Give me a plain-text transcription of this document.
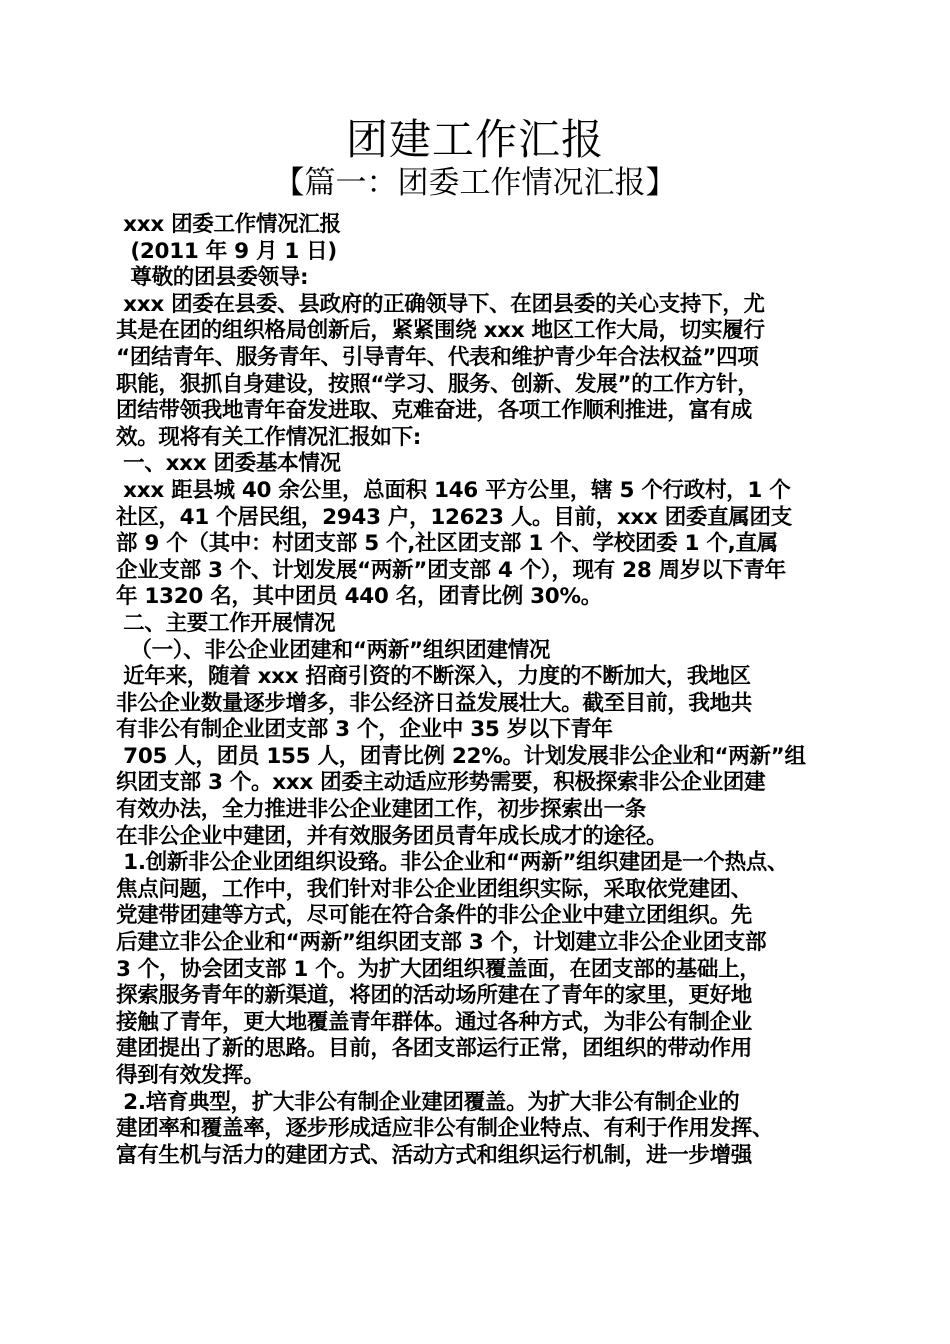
团建工作汇报
【篇一：团委工作情况汇报】
xxx 团委工作情况汇报
(2011 年 9 月 1 日)
尊敬的团县委领导:
xxx 团委在县委、县政府的正确领导下、在团县委的关心支持下，尤
其是在团的组织格局创新后，紧紧围绕 xxx 地区工作大局，切实履行
“团结青年、服务青年、引导青年、代表和维护青少年合法权益”四项
职能，狠抓自身建设，按照“学习、服务、创新、发展”的工作方针，
团结带领我地青年奋发进取、克难奋进，各项工作顺利推进，富有成
效。现将有关工作情况汇报如下:
一、xxx 团委基本情况
xxx 距县城 40 余公里，总面积 146 平方公里，辖 5 个行政村，1 个
社区，41 个居民组，2943 户，12623 人。目前，xxx 团委直属团支
部 9 个（其中：村团支部 5 个,社区团支部 1 个、学校团委 1 个,直属
企业支部 3 个、计划发展“两新”团支部 4 个），现有 28 周岁以下青年
年 1320 名，其中团员 440 名，团青比例 30%。
二、主要工作开展情况
（一）、非公企业团建和“两新”组织团建情况
近年来，随着 xxx 招商引资的不断深入，力度的不断加大，我地区
非公企业数量逐步增多，非公经济日益发展壮大。截至目前，我地共
有非公有制企业团支部 3 个，企业中 35 岁以下青年
705 人，团员 155 人，团青比例 22%。计划发展非公企业和“两新”组
织团支部 3 个。xxx 团委主动适应形势需要，积极探索非公企业团建
有效办法，全力推进非公企业建团工作，初步探索出一条
在非公企业中建团，并有效服务团员青年成长成才的途径。
1.创新非公企业团组织设臵。非公企业和“两新”组织建团是一个热点、
焦点问题，工作中，我们针对非公企业团组织实际，采取依党建团、
党建带团建等方式，尽可能在符合条件的非公企业中建立团组织。先
后建立非公企业和“两新”组织团支部 3 个，计划建立非公企业团支部
3 个，协会团支部 1 个。为扩大团组织覆盖面，在团支部的基础上，
探索服务青年的新渠道，将团的活动场所建在了青年的家里，更好地
接触了青年，更大地覆盖青年群体。通过各种方式，为非公有制企业
建团提出了新的思路。目前，各团支部运行正常，团组织的带动作用
得到有效发挥。
2.培育典型，扩大非公有制企业建团覆盖。为扩大非公有制企业的
建团率和覆盖率，逐步形成适应非公有制企业特点、有利于作用发挥、
富有生机与活力的建团方式、活动方式和组织运行机制，进一步增强
